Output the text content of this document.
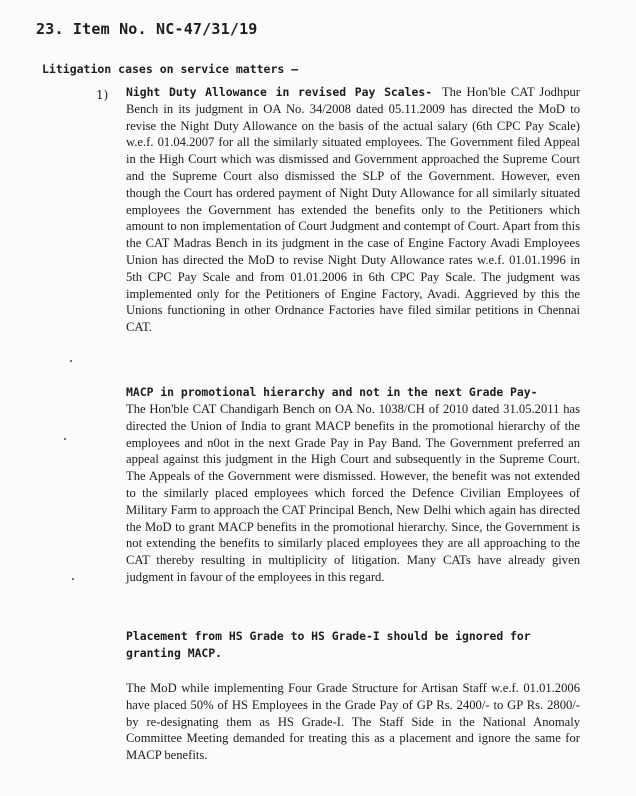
23. Item No. NC-47/31/19
Litigation cases on service matters –
1) Night Duty Allowance in revised Pay Scales- The Hon'ble CAT Jodhpur Bench in its judgment in OA No. 34/2008 dated 05.11.2009 has directed the MoD to revise the Night Duty Allowance on the basis of the actual salary (6th CPC Pay Scale) w.e.f. 01.04.2007 for all the similarly situated employees. The Government filed Appeal in the High Court which was dismissed and Government approached the Supreme Court and the Supreme Court also dismissed the SLP of the Government. However, even though the Court has ordered payment of Night Duty Allowance for all similarly situated employees the Government has extended the benefits only to the Petitioners which amount to non implementation of Court Judgment and contempt of Court. Apart from this the CAT Madras Bench in its judgment in the case of Engine Factory Avadi Employees Union has directed the MoD to revise Night Duty Allowance rates w.e.f. 01.01.1996 in 5th CPC Pay Scale and from 01.01.2006 in 6th CPC Pay Scale. The judgment was implemented only for the Petitioners of Engine Factory, Avadi. Aggrieved by this the Unions functioning in other Ordnance Factories have filed similar petitions in Chennai CAT.

MACP in promotional hierarchy and not in the next Grade Pay-

The Hon'ble CAT Chandigarh Bench on OA No. 1038/CH of 2010 dated 31.05.2011 has directed the Union of India to grant MACP benefits in the promotional hierarchy of the employees and n0ot in the next Grade Pay in Pay Band. The Government preferred an appeal against this judgment in the High Court and subsequently in the Supreme Court. The Appeals of the Government were dismissed. However, the benefit was not extended to the similarly placed employees which forced the Defence Civilian Employees of Military Farm to approach the CAT Principal Bench, New Delhi which again has directed the MoD to grant MACP benefits in the promotional hierarchy. Since, the Government is not extending the benefits to similarly placed employees they are all approaching to the CAT thereby resulting in multiplicity of litigation. Many CATs have already given judgment in favour of the employees in this regard.

Placement from HS Grade to HS Grade-I should be ignored for granting MACP.

The MoD while implementing Four Grade Structure for Artisan Staff w.e.f. 01.01.2006 have placed 50% of HS Employees in the Grade Pay of GP Rs. 2400/- to GP Rs. 2800/- by re-designating them as HS Grade-I. The Staff Side in the National Anomaly Committee Meeting demanded for treating this as a placement and ignore the same for MACP benefits.
